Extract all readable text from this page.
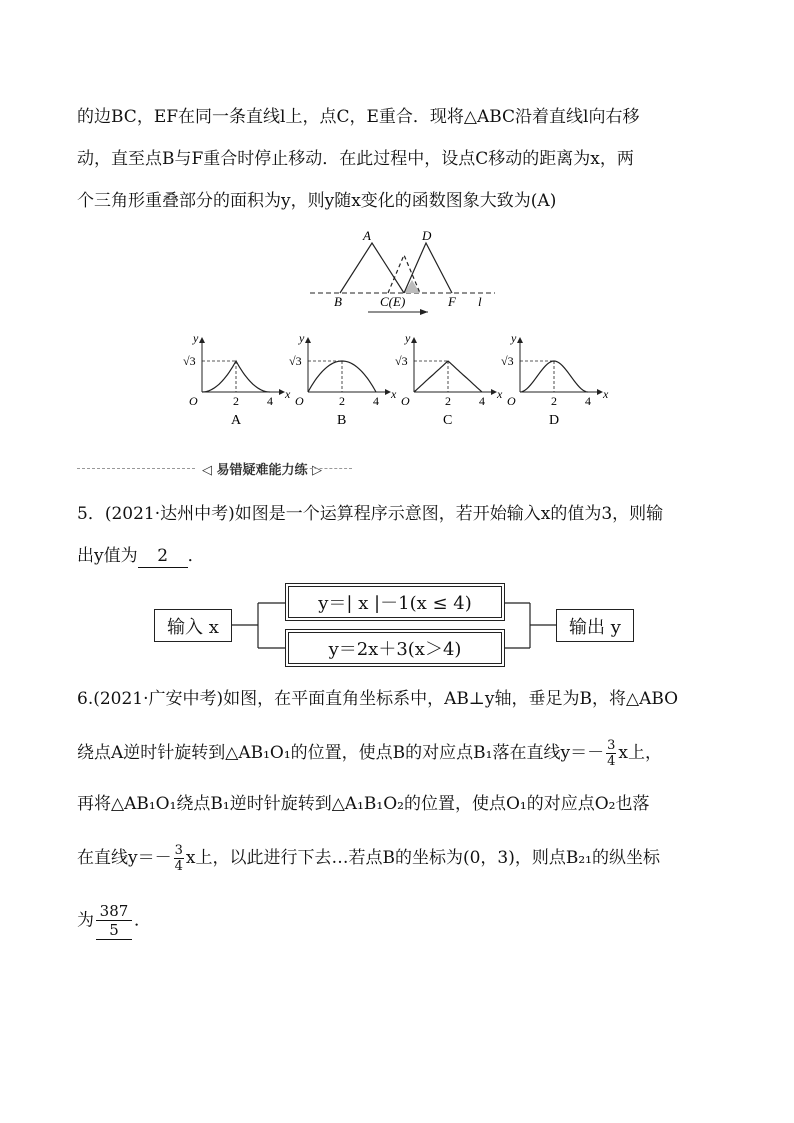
的边BC，EF在同一条直线l上，点C，E重合．现将△ABC沿着直线l向右移
动，直至点B与F重合时停止移动．在此过程中，设点C移动的距离为x，两
个三角形重叠部分的面积为y，则y随x变化的函数图象大致为(A)
A	D
B	C(E)	F l
y
x
O
√3
2 4
A
y
x
O
√3
2 4
B
y
x
O
√3
2 4
C
y
x
O
√3
2 4
D
◁ 易错疑难能力练 ▷
5．(2021·达州中考)如图是一个运算程序示意图，若开始输入x的值为3，则输
出y值为 2 ．
输入 x
y＝| x |－1(x ≤ 4)
y＝2x＋3(x＞4)
输出 y
6.(2021·广安中考)如图，在平面直角坐标系中，AB⊥y轴，垂足为B，将△ABO
绕点A逆时针旋转到△AB₁O₁的位置，使点B的对应点B₁落在直线$y=- \frac{3}{4}$ x上，
再将△AB₁O₁绕点B₁逆时针旋转到△A₁B₁O₂的位置，使点O₁的对应点O₂也落
在直线$y=- \frac{3}{4}$ x上，以此进行下去…若点B的坐标为(0，3)，则点B₂₁的纵坐标
为 $\frac{387}{5}$ ．
